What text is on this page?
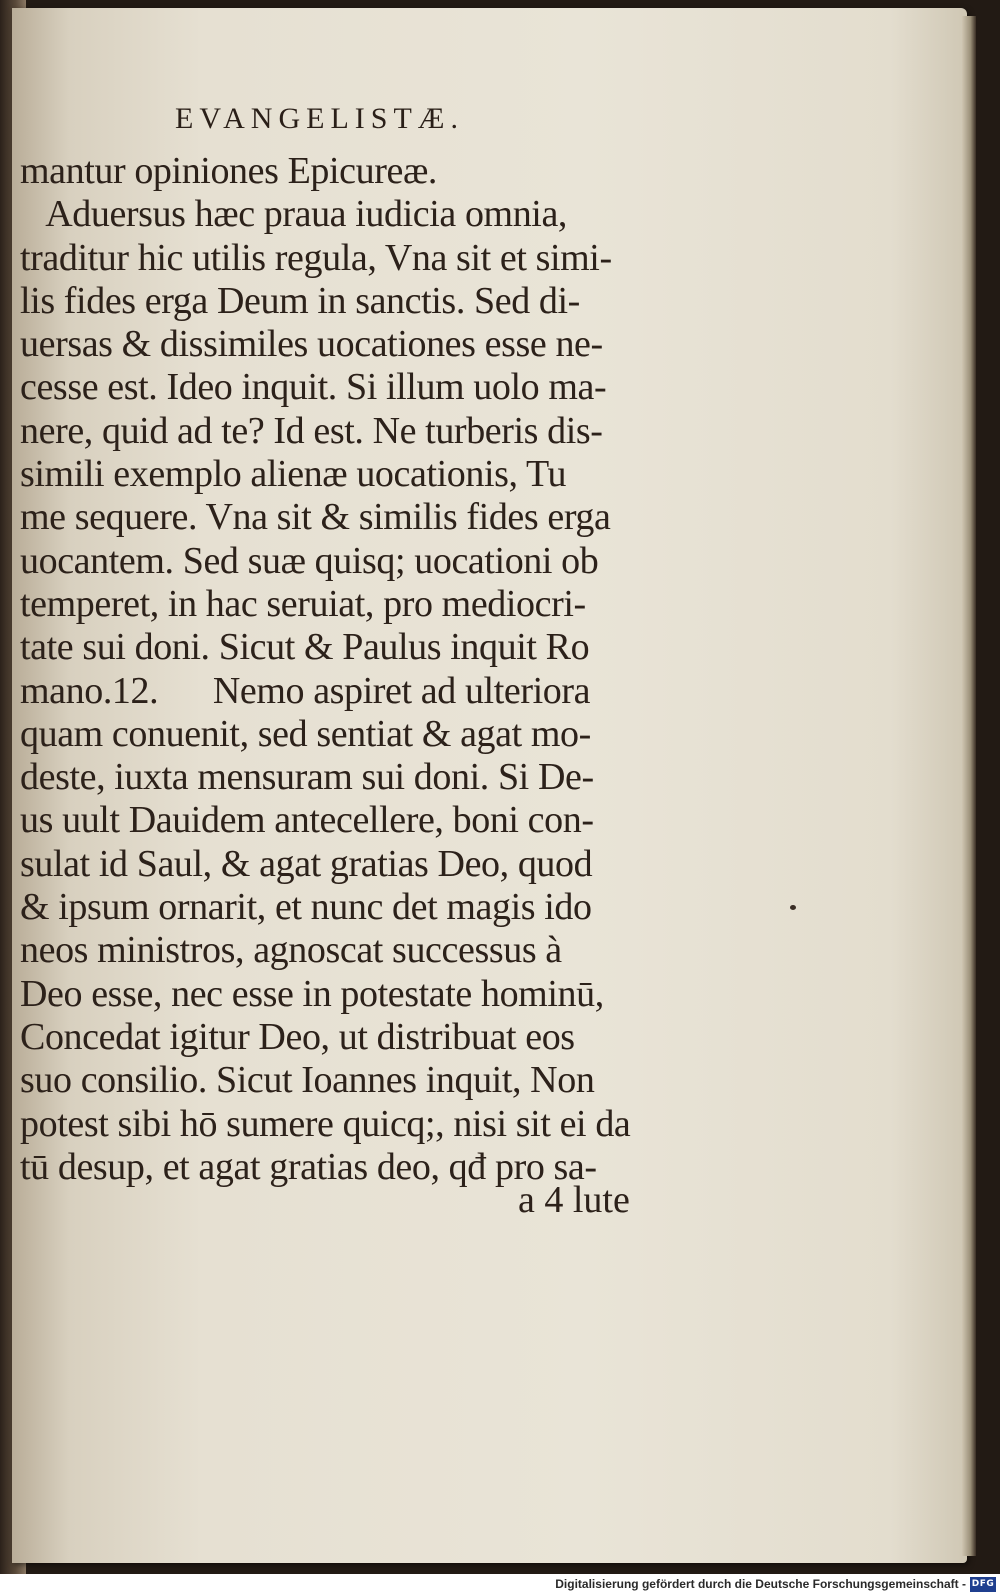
EVANGELISTÆ.
mantur opiniones Epicureæ.
Aduersus hæc praua iudicia omnia,
traditur hic utilis regula, Vna sit et simi-
lis fides erga Deum in sanctis. Sed di-
uersas & dissimiles uocationes esse ne-
cesse est. Ideo inquit. Si illum uolo ma-
nere, quid ad te? Id est. Ne turberis dis-
simili exemplo alienæ uocationis, Tu
me sequere. Vna sit & similis fides erga
uocantem. Sed suæ quisq; uocationi ob
temperet, in hac seruiat, pro mediocri-
tate sui doni. Sicut & Paulus inquit Ro
mano.12.      Nemo aspiret ad ulteriora
quam conuenit, sed sentiat & agat mo-
deste, iuxta mensuram sui doni. Si De-
us uult Dauidem antecellere, boni con-
sulat id Saul, & agat gratias Deo, quod
& ipsum ornarit, et nunc det magis ido
neos ministros, agnoscat successus à
Deo esse, nec esse in potestate hominū,
Concedat igitur Deo, ut distribuat eos
suo consilio. Sicut Ioannes inquit, Non
potest sibi hō sumere quicq;, nisi sit ei da
tū desup, et agat gratias deo, qđ pro sa-
a 4 lute
Digitalisierung gefördert durch die Deutsche Forschungsgemeinschaft - DFG
